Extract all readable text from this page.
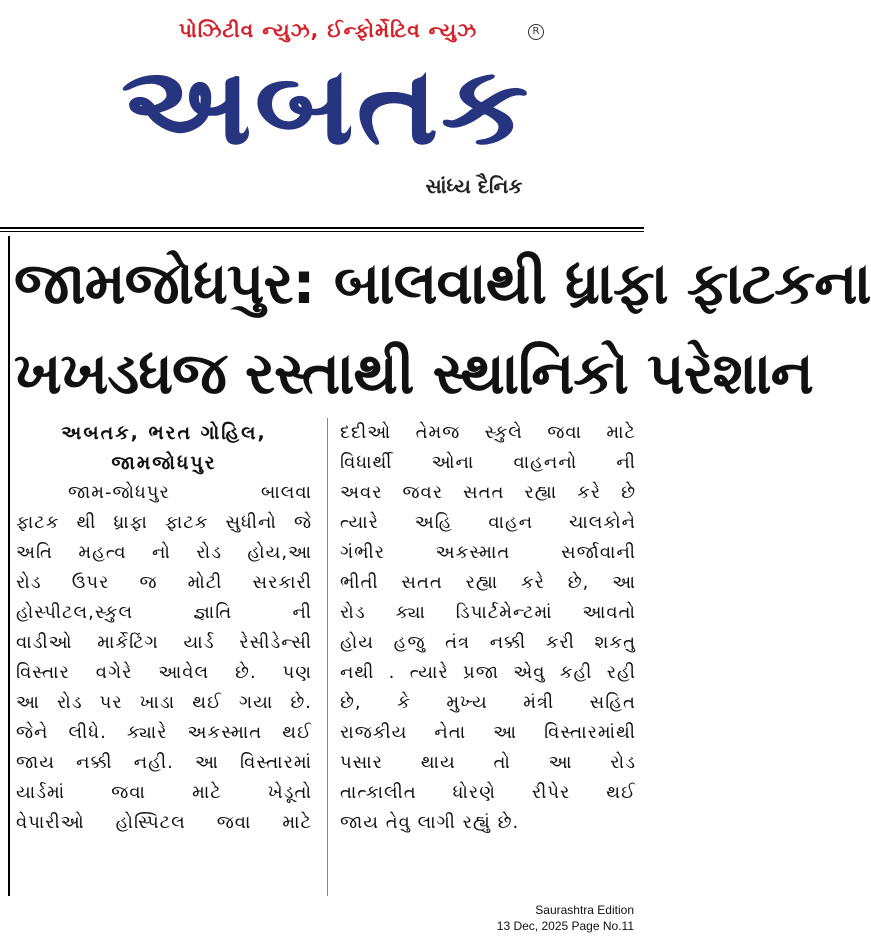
પોઝિટીવ ન્યુઝ, ઈન્ફોર્મેટિવ ન્યુઝ	R
અબતક
સાંધ્ય દૈનિક
જામજોધપુર: બાલવાથી ધ્રાફા ફાટકના
ખખડધજ રસ્તાથી સ્થાનિકો પરેશાન
અબતક, ભરત ગોહિલ,
જામજોધપુર
જામ-જોધપુર બાલવા
ફાટક થી ધ્રાફા ફાટક સુધીનો જે
અતિ મહત્વ નો રોડ હોય,આ
રોડ ઉપર જ મોટી સરકારી
હોસ્પીટલ,સ્કુલ જ્ઞાતિ ની
વાડીઓ માર્કેટિંગ યાર્ડ રેસીડેન્સી
વિસ્તાર વગેરે આવેલ છે. પણ
આ રોડ પર ખાડા થઈ ગયા છે.
જેને લીધે. ક્યારે અકસ્માત થઈ
જાય નક્કી નહી. આ વિસ્તારમાં
યાર્ડમાં જવા માટે ખેડૂતો
વેપારીઓ હોસ્પિટલ જવા માટે
દદીઓ તેમજ સ્કુલે જવા માટે
વિધાર્થી ઓના વાહનનો ની
અવર જવર સતત રહ્યા કરે છે
ત્યારે અહિ વાહન ચાલકોને
ગંભીર અકસ્માત સર્જાવાની
ભીતી સતત રહ્યા કરે છે, આ
રોડ ક્યા ડિપાર્ટમેન્ટમાં આવતો
હોય હજુ તંત્ર નક્કી કરી શકતુ
નથી . ત્યારે પ્રજા એવુ કહી રહી
છે, કે મુખ્ય મંત્રી સહિત
રાજકીય નેતા આ વિસ્તારમાંથી
પસાર થાય તો આ રોડ
તાત્કાલીત ધોરણે રીપેર થઈ
જાય તેવુ લાગી રહ્યું છે.
Saurashtra Edition
13 Dec, 2025 Page No.11
